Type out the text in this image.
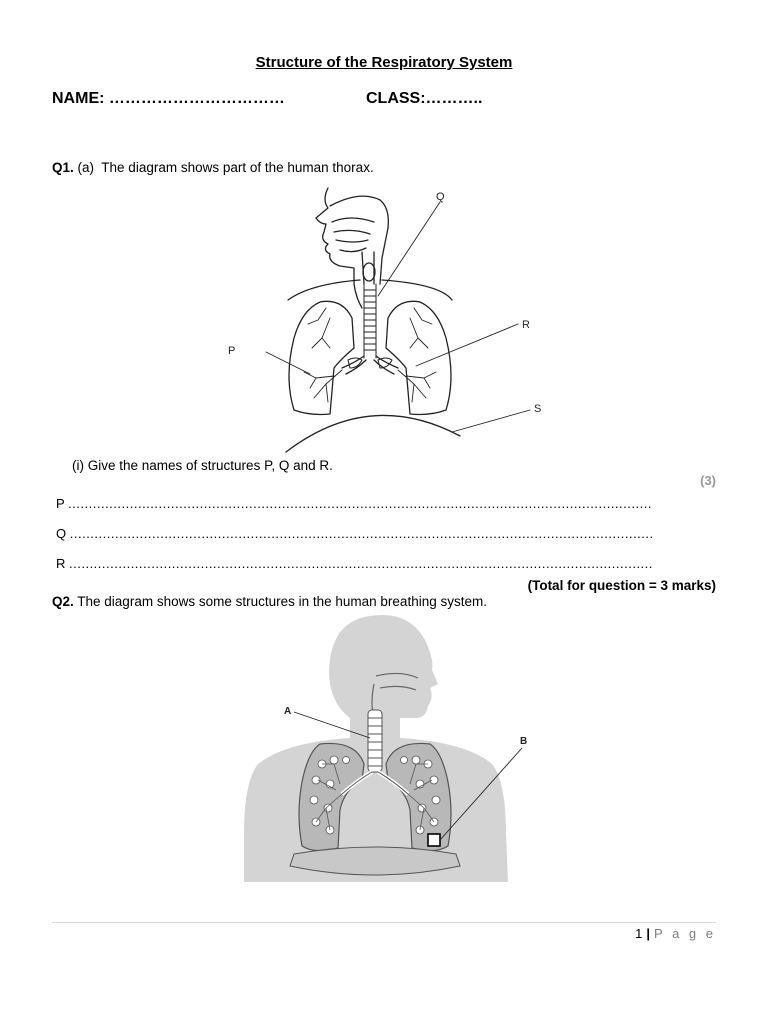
Structure of the Respiratory System
NAME: ……………………………	CLASS:………..
Q1. (a) The diagram shows part of the human thorax.
Q
R
P
S
(i) Give the names of structures P, Q and R.
(3)
P ..............................................................................................................................................
Q ..............................................................................................................................................
R ..............................................................................................................................................
(Total for question = 3 marks)
Q2. The diagram shows some structures in the human breathing system.
A
B
1 | P a g e
